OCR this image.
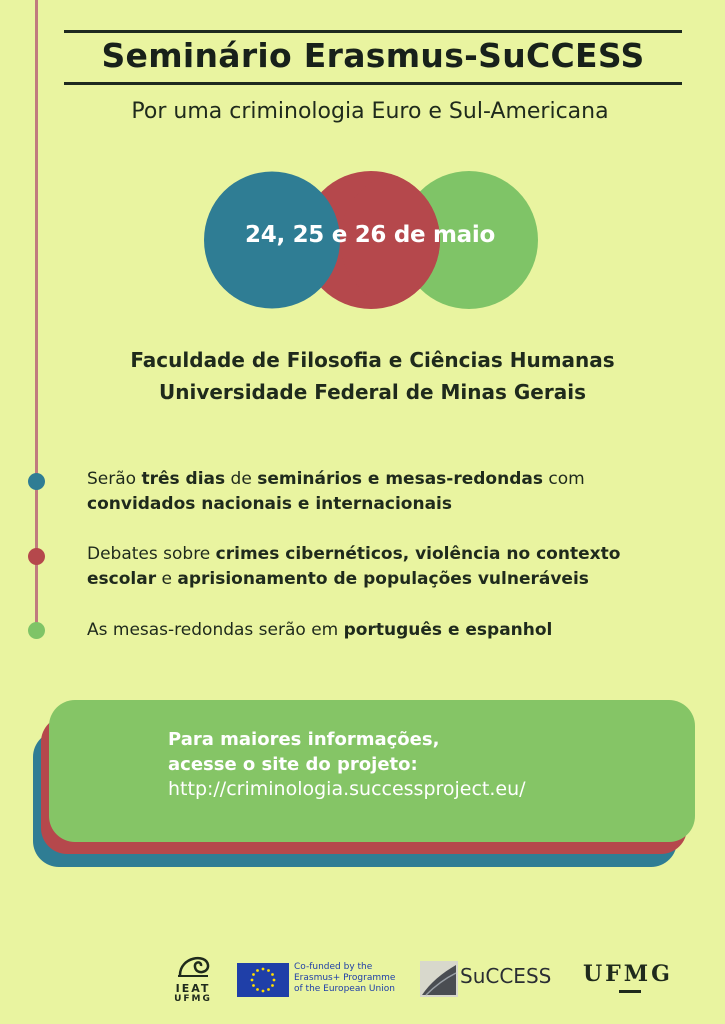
Seminário Erasmus-SuCCESS
Por uma criminologia Euro e Sul-Americana
24, 25 e 26 de maio
Faculdade de Filosofia e Ciências Humanas
Universidade Federal de Minas Gerais
Serão três dias de seminários e mesas-redondas com convidados nacionais e internacionais
Debates sobre crimes cibernéticos, violência no contexto escolar e aprisionamento de populações vulneráveis
As mesas-redondas serão em português e espanhol
Para maiores informações,
acesse o site do projeto:
http://criminologia.successproject.eu/
IEAT
UFMG
Co-funded by the
Erasmus+ Programme
of the European Union
SuCCESS UFMG
